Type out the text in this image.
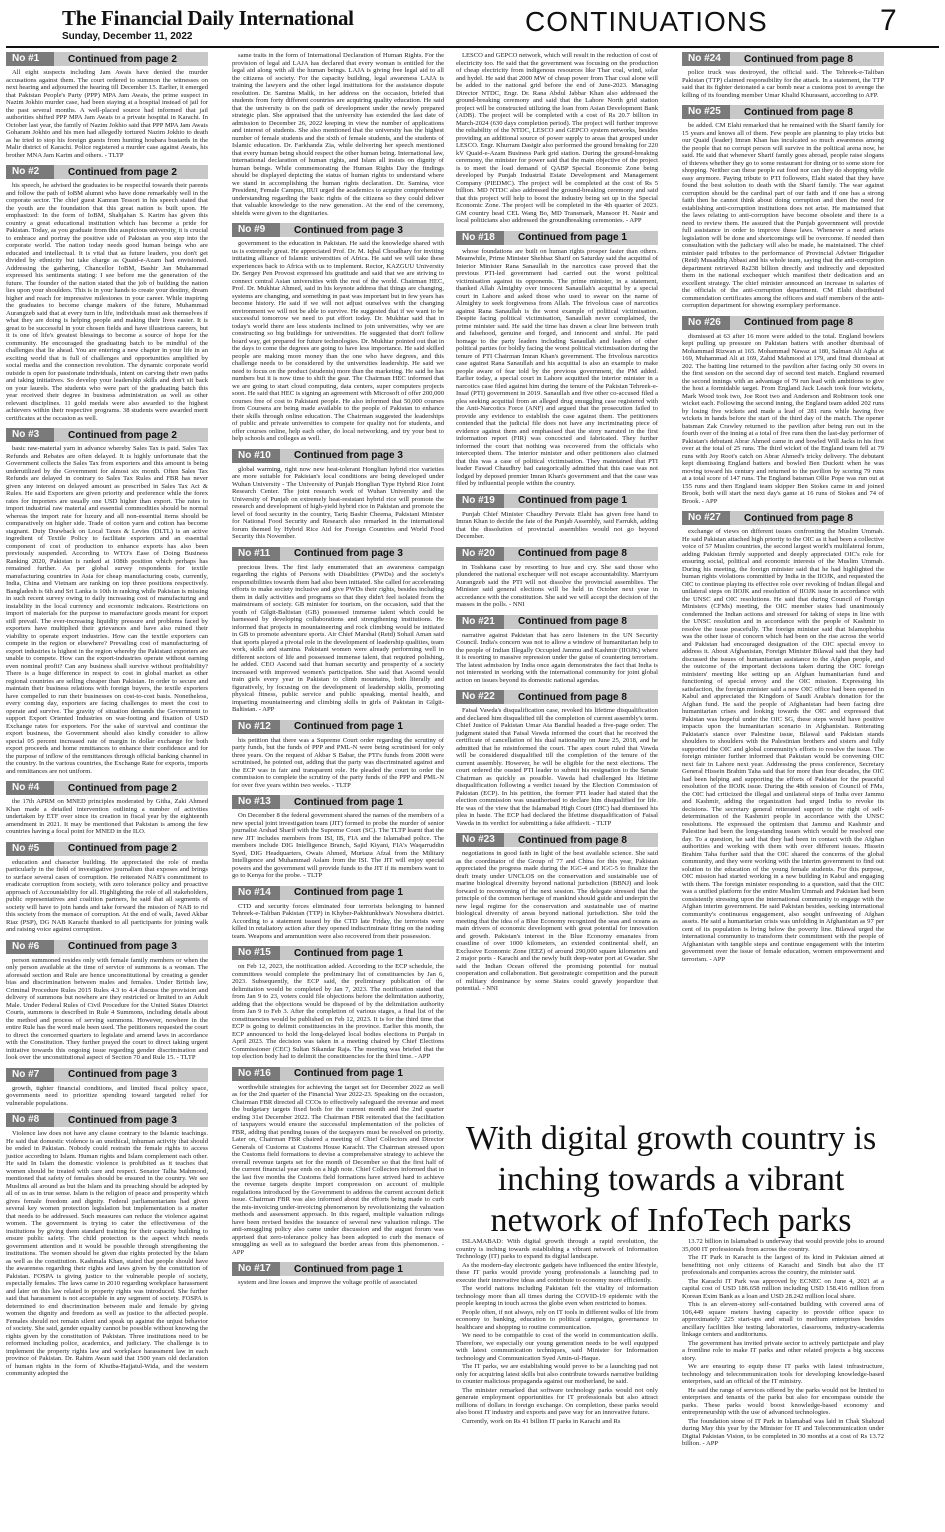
The Financial Daily International
Sunday, December 11, 2022	CONTINUATIONS	7
No #1	Continued from page 2
All eight suspects including Jam Awais have denied the murder accusations against them. The court ordered to summon the witnesses on next hearing and adjourned the hearing till December 15. Earlier, it emerged that Pakistan People's Party (PPP) MPA Jam Awais, the prime suspect in Nazim Jokhio murder case, had been staying at a hospital instead of jail for the past several months. A well-placed source had informed that jail authorities shifted PPP MPA Jam Awais to a private hospital in Karachi. In October last year, the family of Nazim Jokhio said that PPP MPA Jam Awais Goharam Jokhio and his men had allegedly tortured Nazim Jokhio to death as he tried to stop his foreign guests from hunting houbara bustards in the Malir district of Karachi. Police registered a murder case against Awais, his brother MNA Jam Karim and others. - TLTP
No #2	Continued from page 2
his speech, he advised the graduates to be respectful towards their parents and follow the path of IoBM alumni who have done remarkably well in the corporate sector. The chief guest Kamran Tessori in his speech stated that the youth are the foundation that this great nation is built upon. He emphasized: In the form of IoBM, Shahjahan S. Karim has given this country a great educational institution which has become a pride for Pakistan. Today, as you graduate from this auspicious university, it is crucial to embrace and portray the positive side of Pakistan as you step into the corporate world. The nation today needs good human beings who are educated and intellectual. It is vital that as future leaders, you don't get divided by ethnicity but take charge as Quaid-e-Azam had envisioned. Addressing the gathering, Chancellor IoBM, Bashir Jan Muhammad expressed his sentiments stating: I see before me the generation of the future. The founder of the nation stated that the job of building the nation lies upon your shoulders. This is in your hands to create your destiny, dream higher and reach for impressive milestones in your career. While inspiring the graduates to become change makers of the future, Muhammad Aurangzeb said that at every turn in life, individuals must ask themselves if what they are doing is helping people and making their lives easier. It is great to be successful in your chosen fields and have illustrious careers, but it is one of life's greatest blessings to become a source of hope for the community. He encouraged the graduating batch to be mindful of the challenges that lie ahead. You are entering a new chapter in your life in an exciting world that is full of challenges and opportunities amplified by social media and the connection revolution. The dynamic corporate world outside is open for passionate individuals, intent on carving their own paths and taking initiatives. So develop your leadership skills and don't sit back on your laurels. The students who were part of the graduating batch this year received their degree in business administration as well as other relevant disciplines. 11 gold medals were also awarded to the highest achievers within their respective programs. 38 students were awarded merit certificates at the occasion as well.
No #3	Continued from page 2
basic raw-material yarn in advance whereby Sales Tax is paid. Sales Tax Refunds and Rebates are often delayed. It is highly unfortunate that the Government collects the Sales Tax from exporters and this amount is being underutilized by the Government for almost six month. Often Sales Tax Refunds are delayed in contrary to Sales Tax Rules and FBR has never given any interest on delayed amount as prescribed in Sales Tax Act & Rules. He said Exporters are given priority and preference while the forex rates for importers are usually one USD higher than export. The rates to import industrial raw material and essential commodities should be normal whereas the import rate for luxury and all non-essential items should be comparatively on higher side. Trade of cotton yarn and cotton has become stagnant. Duty Drawback on Local Taxes & Levies (DLTL) is an active ingredient of Textile Policy to facilitate exporters and an essential component of cost of production to enhance exports has also been previously suspended. According to WTO's Ease of Doing Business Ranking 2020, Pakistan is ranked at 108th position which perhaps has remained further. As per global survey respondents for textile manufacturing countries in Asia for cheap manufacturing costs, currently, India, China and Vietnam are ranking on top three positions respectively. Bangladesh is 6th and Sri Lanka is 10th in ranking while Pakistan is missing in such recent survey owing to daily increasing cost of manufacturing and instability in the local currency and economic indicators. Restrictions on import of materials for the purpose to manufacture goods meant for export still prevail. The ever-increasing liquidity pressure and problems faced by exporters have multiplied their grievances and have also ruined their viability to operate export industries. How can the textile exporters can compete in the region or elsewhere? Prevailing cost of manufacturing of export industries is highest in the region whereby the Pakistani exporters are unable to compete. How can the export-industries operate without earning even nominal profit? Can any business shall survive without profitability? There is a huge difference in respect to cost in global market as other regional countries are selling cheaper than Pakistan. In order to secure and maintain their business relations with foreign buyers, the textile exporters have compelled to run their businesses on cost-to-cost basis. Nonetheless, every coming day, exporters are facing challenges to meet the cost to operate and survive. The gravity of situation demands the Government to support Export Oriented Industries on war-footing and fixation of USD Exchange rates for exporters. For the sake of survival and continue the export business, the Government should also kindly consider to allow special 05 percent increased rate of margin in dollar exchange for both export proceeds and home remittances to enhance their confidence and for the purpose of inflow of the remittances through official banking channel in the country. In the various countries, the Exchange Rate for exports, imports and remittances are not uniform.
No #4	Continued from page 2
the 17th APRM on MNED principles moderated by Githa, Zaki Ahmed Khan made a detailed intervention outlining a number of activities undertaken by ETF over since its creation in fiscal year by the eighteenth amendment in 2021. It may be mentioned that Pakistan is among the few countries having a focal point for MNED in the ILO.
No #5	Continued from page 2
education and character building. He appreciated the role of media particularly in the field of investigative journalism that exposes and brings to surface several cases of corruption. He reiterated NAB's commitment to eradicate corruption from society, with zero tolerance policy and proactive approach of Accountability for all. Highlighting the role of all stakeholders, public representatives and coalition partners, he said that all segments of society will have to join hands and take forward the mission of NAB to rid this society from the menace of corruption. At the end of walk, Javed Akbar Riaz (PSP), DG NAB Karachi thanked to all participants for joining walk and raising voice against corruption.
No #6	Continued from page 3
person summoned resides only with female family members or when the only person available at the time of service of summons is a woman. The aforesaid section and Rule are hence unconstitutional by creating a gender bias and discrimination between males and females. Under British law, Criminal Procedure Rules 2015 Rules 4.3 to 4.4 discuss the provision and delivery of summons but nowhere are they restricted or limited to an Adult Male. Under Federal Rules of Civil Procedure for the United States District Courts, summons is described in Rule 4 Summons, including details about the method and process of serving summons. However, nowhere in the entire Rule has the word male been used. The petitioners requested the court to direct the concerned quarters to legislate and amend laws in accordance with the Constitution. They further prayed the court to direct taking urgent initiative towards this ongoing issue regarding gender discrimination and look over the unconstitutional aspect of Section 70 and Rule 15. - TLTP
No #7	Continued from page 3
growth, tighter financial conditions, and limited fiscal policy space, governments need to prioritize spending toward targeted relief for vulnerable populations.
No #8	Continued from page 3
Violence law does not have any clause contrary to the Islamic teachings. He said that domestic violence is an unethical, inhuman activity that should be ended in Pakistan. Nobody could restrain the female rights to access justice according to Islam. Human rights and Islam complement each other. He said In Islam the domestic violence is prohibited as it teaches that women should be treated with care and respect. Senator Talha Mahmood, mentioned that safety of females should be ensured in the country. We see Muslims all around as but the Islam and its preaching should be adopted by all of us as in true sense. Islam is the religion of peace and prosperity which gives female freedom and dignity. Federal parliamentarians had given several key women protection legislation but implementation is a matter that needs to be addressed. Such measures can reduce the violence against women. The government is trying to cater the effectiveness of the institutions by giving them standard training for their capacity building to ensure public safety. The child protection is the aspect which needs government attention and it would be possible through strengthening the institutions. The women should be given due rights protected by the Islam as well as the constitution. Kashmala Khan, stated that people should have the awareness regarding their rights and laws given by the constitution of Pakistan. FOSPA is giving justice to the vulnerable people of society, especially females. The laws came in 2010 regarding workplace harassment and later on this law related to property rights was introduced. She further said that harassment is not acceptable in any segment of society. FOSPA is determined to end discrimination between male and female by giving women the dignity and freedom as well as justice to the affected people. Females should not remain silent and speak up against the unjust behavior of society. She said, gender equality cannot be possible without knowing the rights given by the constitution of Pakistan. Three institutions need to be reformed including police, academics, and judiciary. The challenge is to implement the property rights law and workplace harassment law in each province of Pakistan. Dr. Rahim Awan said that 1500 years old declaration of human rights in the form of Khutba-Hajjatul-Wida, and the western community adopted the
same traits in the form of International Declaration of Human Rights. For the provision of legal aid LAJA has declared that every woman is entitled for the legal aid along with all the human beings. LAJA is giving free legal aid to all the citizens of society. For the capacity building, legal awareness LAJA is training the lawyers and the other legal institutions for the assistance dispute resolution. Dr. Samina Malik, in her address on the occasion, briefed that students from forty different countries are acquiring quality education. He said that the university is on the path of development under the newly prepared strategic plan. She appraised that the university has extended the last date of admission to December 26, 2022 keeping in view the number of applications and interest of students. She also mentioned that the university has the highest number of female students and the sixth of female students, and the students of Islamic education. Dr. Farkhanda Zia, while delivering her speech mentioned that every human being should respect the other human being. International law, international declaration of human rights, and Islam all insists on dignity of human beings. While commemorating the Human Rights Day the findings should be displayed depicting the status of human rights to understand where we stand in accomplishing the human rights declaration. Dr. Samina, vice President, Female Campus, IIUI urged the academics to acquire comprehensive understanding regarding the basic rights of the citizens so they could deliver that valuable knowledge to the new generation. At the end of the ceremony, shields were given to the dignitaries.
No #9	Continued from page 3
government to the education in Pakistan. He said the knowledge shared with us is extremely great. He appreciated Prof. Dr. M. Iqbal Choudhary for inviting initiating alliance of Islamic universities of Africa. He said we will take these experiences back to Africa with us to implement. Rector, KAZGUU University Dr. Sergey Pen Provost expressed his gratitude and said that we are striving to connect central Asian universities with the rest of the world. Chairman HEC, Prof. Dr. Mukhtar Ahmed, said in his keynote address that things are changing, systems are changing, and something in past was important but in few years has become history. He said if we will not adjust ourselves with the changing environment we will not be able to survive. He suggested that if we want to be successful tomorrow we need to put effort today. Dr. Mukhtar said that in today's world there are less students inclined to join universities, why we are constructing so big buildings for universities. He suggested that don't follow board way, get prepared for future technologies. Dr. Mukhtar pointed out that in the days to come the degrees are going to have less importance. He said skilled people are making more money than the one who have degrees, and this challenge needs to be considered by the universities leadership. He said we need to focus on the product (students) more than the marketing. He said he has numbers but it is now time to shift the gear. The Chairman HEC informed that we are going to start cloud computing, data centers, super computers projects soon. He said that HEC is signing an agreement with Microsoft of offer 200,000 courses free of cost to Pakistani people. He also informed that 50,000 courses from Coursera are being made available to the people of Pakistan to enhance their skills through online education. The Chairman suggested the leaderships of public and private universities to compete for quality not for students, and offer courses online, help each other, do local networking, and try your best to help schools and colleges as well.
No #10	Continued from page 3
global warming, right now new heat-tolerant Honglian hybrid rice varieties are more suitable for Pakistan's local conditions are being developed under Wuhan University - The University of Punjab Honglian Type Hybrid Rice Joint Research Center. The joint research work of Wuhan University and the University of Punjab on extremely heat-resistant hybrid rice will promote the research and development of high-yield hybrid rice in Pakistan and promote the level of food security in the country, Tariq Bashir Cheema, Pakistani Minister for National Food Security and Research also remarked in the international forum themed by Hybrid Rice Aid for Foreign Countries and World Food Security this November.
No #11	Continued from page 3
precious lives. The first lady enumerated that an awareness campaign regarding the rights of Persons with Disabilities (PWDs) and the society's responsibilities towards them had also been initiated. She called for accelerating efforts to make society inclusive and give PWDs their rights, besides including them in daily activities and programs so that they didn't feel isolated from the mainstream of society. GB minister for tourism, on the occasion, said that the youth of Gilgit-Baltistan (GB) possessed immense talent which could be harnessed by developing collaborations and strengthening institutions. He informed that projects in mountaineering and rock climbing would be initiated in GB to promote adventure sports. Air Chief Marshal (Retd) Sohail Aman said that sports played a pivotal role in the development of leadership qualities, team work, skills and stamina. Pakistani women were already performing well in different sectors of life and possessed immense talent, that required polishing, he added. CEO Ascend said that human security and prosperity of a society increased with improved women's participation. She said that Ascend would train girls every year in Pakistan to climb mountains, both literally and figuratively, by focusing on the development of leadership skills, promoting physical fitness, public service and public speaking, mental health, and imparting mountaineering and climbing skills in girls of Pakistan in Gilgit-Baltistan. - APP
No #12	Continued from page 1
his petition that there was a Supreme Court order regarding the scrutiny of party funds, but the funds of PPP and PML-N were being scrutinised for only three years. On the request of Akbar S Babar, the PTI's funds from 2008 were scrutinised, he pointed out, adding that the party was discriminated against and the ECP was in fair and transparent role. He pleaded the court to order the commission to complete the scrutiny of the party funds of the PPP and PML-N for over five years within two weeks. - TLTP
No #13	Continued from page 1
On December 8 the federal government shared the names of the members of a new special joint investigation team (JIT) formed to probe the murder of senior journalist Arshad Sharif with the Supreme Court (SC). The TLTP learnt that the new JIT includes members from ISI, IB, FIA and the Islamabad police. The members include DIG Intelligence Branch, Sajid Kiyani, FIA's Waqarruddin Syed, DIG Headquarters, Owais Ahmed, Murtaza Afzal from the Military Intelligence and Muhammad Aslam from the ISI. The JIT will enjoy special powers and the government will provide funds to the JIT if its members want to go to Kenya for the probe. - TLTP
No #14	Continued from page 1
CTD and security forces eliminated four terrorists belonging to banned Tehreek-e-Taliban Pakistan (TTP) in Khyber-Pakhtunkhwa's Nowshera district. According to a statement issued by the CTD late Friday, the terrorists were killed in retaliatory action after they opened indiscriminate firing on the raiding team. Weapons and ammunition were also recovered from their possession.
No #15	Continued from page 1
on Feb 12, 2023, the notification added. According to the ECP schedule, the committees would complete the preliminary list of constituencies by Jan 6, 2023. Subsequently, the ECP said, the preliminary publication of the delimitation would be completed by Jan 7, 2023. The notification stated that from Jan 9 to 23, voters could file objections before the delimitation authority, adding that the objections would be disposed of by the delimitation authority from Jan 9 to Feb 3. After the completion of various stages, a final list of the constituencies would be published on Feb 12, 2023. It is for the third time that ECP is going to delimit constituencies in the province. Earlier this month, the ECP announced to hold the long-delayed local bodies elections in Punjab in April 2023. The decision was taken in a meeting chaired by Chief Elections Commissioner (CEC) Sultan Sikandar Raja. The meeting was briefed that the top election body had to delimit the constituencies for the third time. - APP
No #16	Continued from page 1
worthwhile strategies for achieving the target set for December 2022 as well as for the 2nd quarter of the Financial Year 2022-23. Speaking on the occasion, Chairman FBR directed all CCOs to effectively safeguard the revenue and meet the budgetary targets fixed both for the current month and the 2nd quarter ending 31st December 2022. The Chairman FBR reiterated that the facilitation of taxpayers would ensure the successful implementation of the policies of FBR, adding that pending issues of the taxpayers must be resolved on priority. Later on, Chairman FBR chaired a meeting of Chief Collectors and Director Generals of Customs at Customs House Karachi. The Chairman stressed upon the Customs field formations to devise a comprehensive strategy to achieve the overall revenue targets set for the month of December so that the first half of the current financial year ends on a high note. Chief Collectors informed that in the last five months the Customs field formations have strived hard to achieve the revenue targets despite import compression on account of multiple regulations introduced by the Government to address the current account deficit issue. Chairman FBR was also informed about the efforts being made to curb the mis-invoicing under-invoicing phenomenon by revolutionizing the valuation methods and assessment approach. In this regard, multiple valuation rulings have been revised besides the issuance of several new valuation rulings. The anti-smuggling policy also came under discussion and the august forum was apprised that zero-tolerance policy has been adopted to curb the menace of smuggling as well as to safeguard the border areas from this phenomenon. - APP
No #17	Continued from page 1
system and line losses and improve the voltage profile of associated
LESCO and GEPCO network, which will result in the reduction of cost of electricity too. He said that the government was focusing on the production of cheap electricity from indigenous resources like Thar coal, wind, solar and hydel. He said that 2000 MW of cheap power from Thar coal alone will be added to the national grid before the end of June-2023. Managing Director NTDC, Engr. Dr. Rana Abdul Jabbar Khan also addressed the ground-breaking ceremony and said that the Lahore North grid station project will be constructed utilizing the loan from Asian Development Bank (ADB). The project will be completed with a cost of Rs 20.7 billion in March-2024 (630 days completion period). The project will further improve the reliability of the NTDC, LESCO and GEPCO system networks, besides providing an additional source of power supply to areas that grouped under LESCO. Engr. Khurram Dastgir also performed the ground breaking for 220 kV Quaid-e-Azam Business Park grid station. During the ground-breaking ceremony, the minister for power said that the main objective of the project is to meet the load demand of QABP Special Economic Zone being developed by Punjab Industrial Estate Development and Management Company (PIEDMC). The project will be completed at the cost of Rs 5 billion. MD NTDC also addressed the ground-breaking ceremony and said that this project will help to boost the industry being set up in the Special Economic Zone. The project will be completed in the 4th quarter of 2023. GM country head CEL Wang Bo, MD Transmark, Mansoor H. Nasir and local politicians also addressed the groundbreaking ceremonies. - APP
No #18	Continued from page 1
whose foundations are built on human rights prosper faster than others. Meanwhile, Prime Minister Shehbaz Sharif on Saturday said the acquittal of Interior Minister Rana Sanaullah in the narcotics case proved that the previous PTI-led government had carried out the worst political victimisation against its opponents. The prime minister, in a statement, thanked Allah Almighty over innocent Sanaullah's acquittal by a special court in Lahore and asked those who used to swear on the name of Almighty to seek forgiveness from Allah. The frivolous case of narcotics against Rana Sanaullah is the worst example of political victimisation. Despite facing political victimisation, Sanaullah never complained, the prime minister said. He said the time has drawn a clear line between truth and falsehood, genuine and forged, and innocent and sinful. He paid homage to the party leaders including Sanaullah and leaders of other political parties for boldly facing the worst political victimisation during the tenure of PTI Chairman Imran Khan's government. The frivolous narcotics case against Rana Sanaullah and his acquittal is also an example to make people aware of fear told by the previous government, the PM added. Earlier today, a special court in Lahore acquitted the interior minister in a narcotics case filed against him during the tenure of the Pakistan Tehreek-e-Insaf (PTI) government in 2019. Sanaullah and five other co-accused filed a plea seeking acquittal from an alleged drug smuggling case registered with the Anti-Narcotics Force (ANF) and argued that the prosecution failed to provide any evidence to establish the case against them. The petitioners contended that the judicial file does not have any incriminating piece of evidence against them and emphasised that the story narrated in the first information report (FIR) was concocted and fabricated. They further informed the court that nothing was recovered from the officials who intercepted them. The interior minister and other petitioners also claimed that this was a case of political victimisation. They maintained that PTI leader Fawad Chaudhry had categorically admitted that this case was not lodged by deposed premier Imran Khan's government and that the case was filed by influential people within the country.
No #19	Continued from page 1
Punjab Chief Minister Chaudhry Pervaiz Elahi has given free hand to Imran Khan to decide the fate of the Punjab Assembly, said Farrukh, adding that the dissolution of provincial assemblies would not go beyond December.
No #20	Continued from page 8
in Toshkana case by resorting to hue and cry. She said those who plundered the national exchequer will not escape accountability. Marriyum Aurangzeb said the PTI will not dissolve the provincial assemblies. The Minister said general elections will be held in October next year in accordance with the constitution. She said we will accept the decision of the masses in the polls. - NNI
No #21	Continued from page 8
narrative against Pakistan that has zero listeners in the UN Security Council. India's concern was not to allow a window of humanitarian help to the people of Indian Illegally Occupied Jammu and Kashmir (IIOJK) where it is resorting to massive repression under the guise of countering terrorism. The latest admission by India once again demonstrates the fact that India is not interested in working with the international community for joint global action on issues beyond its domestic national agendas.
No #22	Continued from page 8
Faisal Vawda's disqualification case, revoked his lifetime disqualification and declared him disqualified till the completion of current assembly's term. Chief Justice of Pakistan Umar Ata Bandial headed a five-page order. The judgment stated that Faisal Vawda informed the court that he received the certificate of cancellation of his dual nationality on June 25, 2018, and he admitted that he misinformed the court. The apex court ruled that Vawda will be considered disqualified till the completion of the tenure of the current assembly. However, he will be eligible for the next elections. The court ordered the ousted PTI leader to submit his resignation to the Senate Chairman as quickly as possible. Vawda had challenged his lifetime disqualification following a verdict issued by the Election Commission of Pakistan (ECP). In his petition, the former PTI leader had stated that the election commission was unauthorised to declare him disqualified for life. He was of the view that the Islamabad High Court (IHC) had dismissed his plea in haste. The ECP had declared the lifetime disqualification of Faisal Vawda in its verdict for submitting a fake affidavit. - TLTP
No #23	Continued from page 8
negotiations in good faith in light of the best available science. She said as the coordinator of the Group of 77 and China for this year, Pakistan appreciated the progress made during the IGC-4 and IGC-5 to finalize the draft treaty under UNCLOS on the conservation and sustainable use of marine biological diversity beyond national jurisdiction (BBNJ) and look forward to reconvening of the next session. The delegate stressed that the principle of the common heritage of mankind should guide and underpin the new legal regime for the conservation and sustainable use of marine biological diversity of areas beyond national jurisdiction. She told the meeting that the idea of a Blue Economy recognized the seas and oceans as main drivers of economic development with great potential for innovation and growth. Pakistan's interest in the Blue Economy emanates from coastline of over 1000 kilometers, an extended continental shelf, an Exclusive Economic Zone (EEZ) of around 290,000 square kilometers and 2 major ports - Karachi and the newly built deep-water port at Gwadar. She said the Indian Ocean offered the promising potential for mutual cooperation and collaboration. But geostrategic competition and the pursuit of military dominance by some States could gravely jeopardize that potential. - NNI
No #24	Continued from page 8
police truck was destroyed, the official said. The Tehreek-e-Taliban Pakistan (TTP) claimed responsibility for the attack. In a statement, the TTP said that its fighter detonated a car bomb near a customs post to avenge the killing of its founding member Umar Khalid Khurasani, according to AFP.
No #25	Continued from page 8
be added. CM Elahi remarked that he remained with the Sharif family for 15 years and knows all of them. Few people are planning to play tricks but our Quaid (leader) Imran Khan has inculcated so much awareness among the people that no corrupt person will survive in the political arena now, he said. He said that whenever Sharif family goes abroad, people raise slogans of thieves whether they go to some restaurant for dining or to some store for shopping. Neither can these people eat food nor can they do shopping while easy anymore. Paying tribute to PTI followers, Elahi stated that they have found the best solution to death with the Sharif family. The war against corruption should be the cardinal part of our faith and if one has a strong faith then he cannot think about doing corruption and then the need for establishing anti-corruption institutions does not arise. He maintained that the laws relating to anti-corruption have become obsolete and there is a need to review them. He assured that the Punjab government will provide full assistance in order to improve these laws. Whenever a need arises legislation will be done and shortcomings will be overcome. If needed then consultation with the judiciary will also be made, he maintained. The chief minister paid tributes to the performance of Provincial Adviser Brigadier (Retd) Musaddiq Abbasi and his whole team, saying that the anti-corruption department retrieved Rs238 billion directly and indirectly and deposited them in the national exchequer which manifest their dedication and an excellent strategy. The chief minister announced an increase in salaries of the officials of the anti-corruption department. CM Elahi distributed commendation certificates among the officers and staff members of the anti-corruption department for showing exemplary performance.
No #26	Continued from page 8
dismissed at 63 after 16 more were added to the total. England bowlers kept pulling up pressure on Pakistan batters with another dismissal of Mohammad Rizwan at 165. Mohammad Nawaz at 180, Salman Ali Agha at 169, Muhammad Ali at 169, Zahid Mahmood at 179, and final dismissal at 202. The batting line returned to the pavilion after facing only 30 overs in the first session on the second day of second test match. England resumed the second innings with an advantage of 79 run lead with ambitions to give the host a formidable target. From England Jack Leach took four wickets, Mark Wood took two, Joe Root two and Anderson and Robinson took one wicket each. Following the second inning, the England team added 202 runs by losing five wickets and made a lead of 281 runs while having five wickets in hands before the start of the third day of the match. The opener batsman Zak Crawley returned to the pavilion after being run out in the fourth over of the inning at a total of five runs then the last-day performer of Pakistan's debutant Abrar Ahmed came in and bowled Will Jacks in his first over at the total of 25 runs. The third wicket of the England team fell at 79 runs with Joy Root's catch on Abrar Ahmed's tricky delivery. The debutant kept dismissing England batters and bowled Ben Duckett when he was moving toward his century and returned to the pavilion by scoring 79 runs at a total score of 147 runs. The England batsman Ollie Pope was run out at 155 runs and then England team skipper Ben Stokes came in and joined Brook, both will start the next day's game at 16 runs of Stokes and 74 of Brook. - APP
No #27	Continued from page 8
exchange of views on different issues confronting the Muslim Ummah. He said Pakistan attached high priority to the OIC as it had been a collective voice of 57 Muslim countries, the second largest world's multilateral forum, adding Pakistan firmly supported and deeply appreciated OIC's role for ensuring social, political and economic interests of the Muslim Ummah. During his meeting, the foreign minister said that he had highlighted the human rights violations committed by India in the IIOJK, and requested the OIC to continue playing its effective role over revoking of Indian illegal and unilateral steps on IIOJK and resolution of IIOJK issue in accordance with the UNSC and OIC resolutions. He said that during Council of Foreign Ministers (CFMs) meeting, the OIC member states had unanimously condemned the Indian actions and stressed for taking of steps in line with the UNSC resolution and in accordance with the people of Kashmir to resolve the issue peacefully. The foreign minister said that Islamophobia was the other issue of concern which had been on the rise across the world and Pakistan had encouraged designation of the OIC special envoy to address it. About Afghanistan, Foreign Minister Bilawal said that they had discussed the issues of humanitarian assistance to the Afghan people, and the outcome of the important decisions taken during the OIC foreign ministers' meeting like setting up an Afghan humanitarian fund and functioning of special envoy and the OIC mission. Expressing his satisfaction, the foreign minister said a new OIC office had been opened in Kabul and appreciated the Kingdom of Saudi Arabia's donation for the Afghan fund. He said the people of Afghanistan had been facing dire humanitarian crises and looking towards the OIC and expressed that Pakistan was hopeful under the OIC SG, these steps would have positive impacts upon the humanitarian scenario in Afghanistan. Reiterating Pakistan's stance over Palestine issue, Bilawal said Pakistan stands shoulders to shoulders with the Palestinian brothers and sisters and fully supported the OIC and global community's efforts to resolve the issue. The foreign minister further informed that Pakistan would be convening OIC next fair in Lahore next year. Addressing the press conference, Secretary General Hissein Brahim Taha said that for more than four decades, the OIC had been helping and supporting the efforts of Pakistan for the peaceful resolution of the IIOJK issue. During the 48th session of Council of FMs, the OIC had criticized the illegal and unilateral steps of India over Jammu and Kashmir, adding the organization had urged India to revoke its decisions. The secretary general reiterated support to the right of self-determination of the Kashmiri people in accordance with the UNSC resolutions. He expressed the optimism that Jammu and Kashmir and Palestine had been the long-standing issues which would be resolved one day. To a question, he said that they had been in contact with the Afghan authorities and working with them with over different issues. Hissein Brahim Taha further said that the OIC shared the concerns of the global community, and they were working with the interim government to find out solution to the education of the young female students. For this purpose, OIC mission had started working in a new building in Kabul and engaging with them. The foreign minister responding to a question, said that the OIC was a unified platform for the entire Muslim Ummah and Pakistan had been consistently stressing upon the international community to engage with the Afghan interim government. He said Pakistan besides, seeking international community's continuous engagement, also sought unfreezing of Afghan assets. He said a humanitarian crisis was unfolding in Afghanistan as 97 per cent of its population is living below the poverty line. Bilawal urged the international community to transform their commitment with the people of Afghanistan with tangible steps and continue engagement with the interim government over the issue of female education, women empowerment and terrorism. - APP
With digital growth country is inching towards a vibrant network of InfoTech parks

ISLAMABAD: With digital growth through a rapid revolution, the country is inching towards establishing a vibrant network of Information Technology (IT) parks to expand its digital landscape.

As the modern-day electronic gadgets have influenced the entire lifestyle, these IT parks would provide young professionals a launching pad to execute their innovative ideas and contribute to economy more efficiently.

The world nations including Pakistan felt the vitality of information technology more than all times during the COVID-19 epidemic with the people keeping in touch across the globe even when restricted to homes.

People often, if not always, rely on IT tools in different walks of life from economy to banking, education to political campaigns, governance to healthcare and shopping to routine communication.

We need to be compatible to cost of the world in communication skills. Therefore, we especially our young generation needs to be well equipped with latest communication techniques, said Minister for Information technology and Communication Syed Amin-ul-Haque.

The IT parks, we are establishing would prove to be a launching pad not only for acquiring latest skills but also contribute towards narrative building to counter malicious propaganda against our motherland, he said.

The minister remarked that software technology parks would not only generate employment opportunities for IT professionals but also attract millions of dollars in foreign exchange. On completion, these parks would also boost IT industry and exports and pave way for an innovative future.

Currently, work on Rs 41 billion IT parks in Karachi and Rs

13.72 billion in Islamabad is underway that would provide jobs to around 35,000 IT professionals from across the country.

The IT Park in Karachi is the largest of its kind in Pakistan aimed at benefitting not only citizens of Karachi and Sindh but also the IT professionals and companies across the country, the minister said.

The Karachi IT Park was approved by ECNEC on June 4, 2021 at a capital cost of USD 186.658 million including USD 158.416 million from Korean Exim Bank as a loan and USD 28.242 million local share.

This is an eleven-storey self-contained building with covered area of 106,449 square meters having capacity to provide office space to approximately 225 start-ups and small to medium enterprises besides ancillary facilities like testing laboratories, classrooms, industry-academia linkage centers and auditoriums.

The government has invited private sector to actively participate and play a frontline role to make IT parks and other related projects a big success story.

We are ensuring to equip these IT parks with latest infrastructure, technology and telecommunication tools for developing knowledge-based enterprises, said an official of the IT ministry.

He said the range of services offered by the parks would not be limited to enterprises and tenants of the parks but also for encompass outside the parks. These parks would boost knowledge-based economy and entrepreneurship with the use of advanced technologies.

The foundation stone of IT Park in Islamabad was laid in Chak Shahzad during May this year by the Minister for IT and Telecommunication under Digital Pakistan Vision, to be completed in 30 months at a cost of Rs 13.72 billion. - APP
